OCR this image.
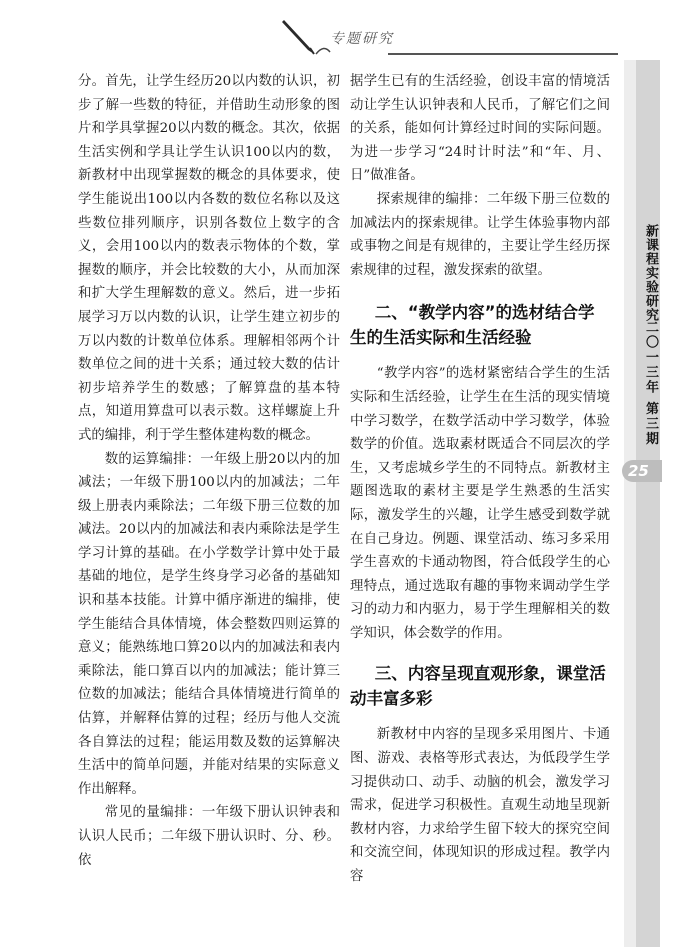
专题研究
新课程实验研究
二〇一三年 第三期
25

分。首先，让学生经历20以内数的认识，初步了解一些数的特征，并借助生动形象的图片和学具掌握20以内数的概念。其次，依据生活实例和学具让学生认识100以内的数，新教材中出现掌握数的概念的具体要求，使学生能说出100以内各数的数位名称以及这些数位排列顺序，识别各数位上数字的含义，会用100以内的数表示物体的个数，掌握数的顺序，并会比较数的大小，从而加深和扩大学生理解数的意义。然后，进一步拓展学习万以内数的认识，让学生建立初步的万以内数的计数单位体系。理解相邻两个计数单位之间的进十关系；通过较大数的估计初步培养学生的数感；了解算盘的基本特点，知道用算盘可以表示数。这样螺旋上升式的编排，利于学生整体建构数的概念。

数的运算编排：一年级上册20以内的加减法；一年级下册100以内的加减法；二年级上册表内乘除法；二年级下册三位数的加减法。20以内的加减法和表内乘除法是学生学习计算的基础。在小学数学计算中处于最基础的地位，是学生终身学习必备的基础知识和基本技能。计算中循序渐进的编排，使学生能结合具体情境，体会整数四则运算的意义；能熟练地口算20以内的加减法和表内乘除法，能口算百以内的加减法；能计算三位数的加减法；能结合具体情境进行简单的估算，并解释估算的过程；经历与他人交流各自算法的过程；能运用数及数的运算解决生活中的简单问题，并能对结果的实际意义作出解释。

常见的量编排：一年级下册认识钟表和认识人民币；二年级下册认识时、分、秒。依

据学生已有的生活经验，创设丰富的情境活动让学生认识钟表和人民币，了解它们之间的关系，能如何计算经过时间的实际问题。为进一步学习“24时计时法”和“年、月、日”做准备。

探索规律的编排：二年级下册三位数的加减法内的探索规律。让学生体验事物内部或事物之间是有规律的，主要让学生经历探索规律的过程，激发探索的欲望。

二、“教学内容”的选材结合学生的生活实际和生活经验

“教学内容”的选材紧密结合学生的生活实际和生活经验，让学生在生活的现实情境中学习数学，在数学活动中学习数学，体验数学的价值。选取素材既适合不同层次的学生，又考虑城乡学生的不同特点。新教材主题图选取的素材主要是学生熟悉的生活实际，激发学生的兴趣，让学生感受到数学就在自己身边。例题、课堂活动、练习多采用学生喜欢的卡通动物图，符合低段学生的心理特点，通过选取有趣的事物来调动学生学习的动力和内驱力，易于学生理解相关的数学知识，体会数学的作用。

三、内容呈现直观形象，课堂活动丰富多彩

新教材中内容的呈现多采用图片、卡通图、游戏、表格等形式表达，为低段学生学习提供动口、动手、动脑的机会，激发学习需求，促进学习积极性。直观生动地呈现新教材内容，力求给学生留下较大的探究空间和交流空间，体现知识的形成过程。教学内容
